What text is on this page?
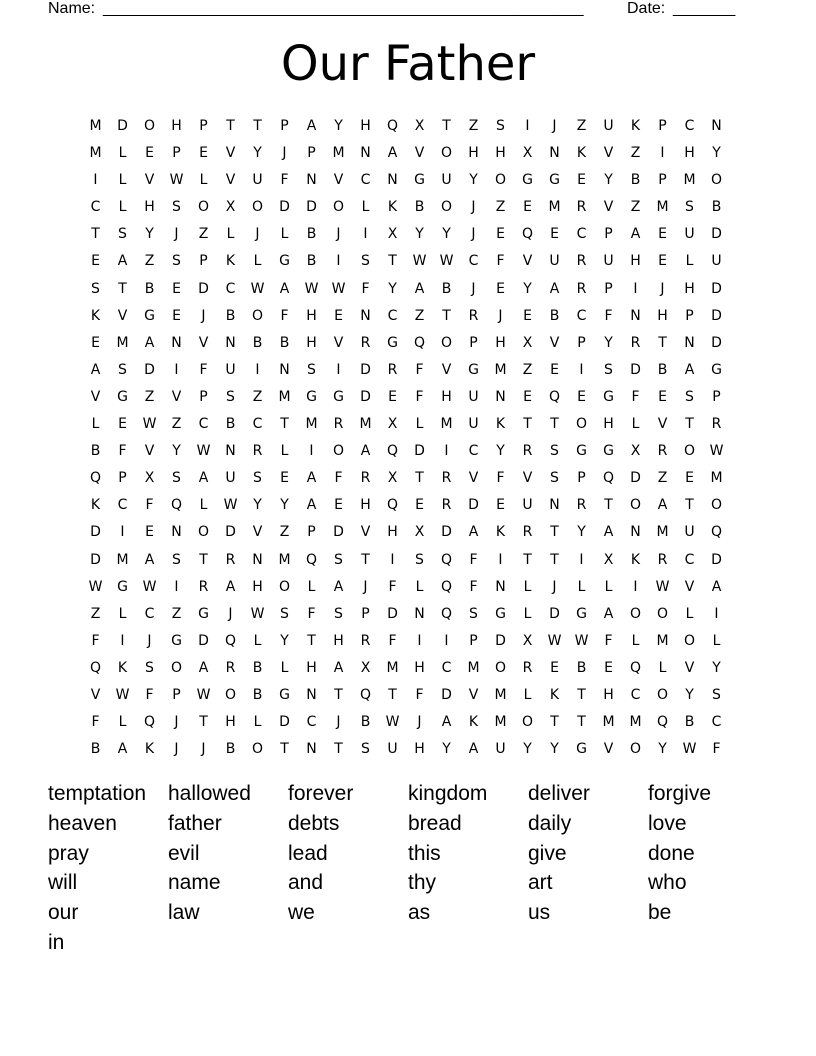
Name: ______________________________________________________	Date: _______
Our Father
M	D	O	H	P	T	T	P	A	Y	H	Q	X	T	Z	S	I	J	Z	U	K	P	C	N
M	L	E	P	E	V	Y	J	P	M	N	A	V	O	H	H	X	N	K	V	Z	I	H	Y
I	L	V	W	L	V	U	F	N	V	C	N	G	U	Y	O	G	G	E	Y	B	P	M	O
C	L	H	S	O	X	O	D	D	O	L	K	B	O	J	Z	E	M	R	V	Z	M	S	B
T	S	Y	J	Z	L	J	L	B	J	I	X	Y	Y	J	E	Q	E	C	P	A	E	U	D
E	A	Z	S	P	K	L	G	B	I	S	T	W W	C	F	V	U	R	U	H	E	L	U
S	T	B	E	D	C	W	A	W W	F	Y	A	B	J	E	Y	A	R	P	I	J	H	D
K	V	G	E	J	B	O	F	H	E	N	C	Z	T	R	J	E	B	C	F	N	H	P	D
E	M	A	N	V	N	B	B	H	V	R	G	Q	O	P	H	X	V	P	Y	R	T	N	D
A	S	D	I	F	U	I	N	S	I	D	R	F	V	G	M	Z	E	I	S	D	B	A	G
V	G	Z	V	P	S	Z	M	G	G	D	E	F	H	U	N	E	Q	E	G	F	E	S	P
L	E	W	Z	C	B	C	T	M	R	M	X	L	M	U	K	T	T	O	H	L	V	T	R
B	F	V	Y	W	N	R	L	I	O	A	Q	D	I	C	Y	R	S	G	G	X	R	O	W
Q	P	X	S	A	U	S	E	A	F	R	X	T	R	V	F	V	S	P	Q	D	Z	E	M
K	C	F	Q	L	W	Y	Y	A	E	H	Q	E	R	D	E	U	N	R	T	O	A	T	O
D	I	E	N	O	D	V	Z	P	D	V	H	X	D	A	K	R	T	Y	A	N	M	U	Q
D	M	A	S	T	R	N	M	Q	S	T	I	S	Q	F	I	T	T	I	X	K	R	C	D
W	G	W	I	R	A	H	O	L	A	J	F	L	Q	F	N	L	J	L	L	I	W	V	A
Z	L	C	Z	G	J	W	S	F	S	P	D	N	Q	S	G	L	D	G	A	O	O	L	I
F	I	J	G	D	Q	L	Y	T	H	R	F	I	I	P	D	X	W W	F	L	M	O	L
Q	K	S	O	A	R	B	L	H	A	X	M	H	C	M	O	R	E	B	E	Q	L	V	Y
V	W	F	P	W	O	B	G	N	T	Q	T	F	D	V	M	L	K	T	H	C	O	Y	S
F	L	Q	J	T	H	L	D	C	J	B	W	J	A	K	M	O	T	T	M	M	Q	B	C
B	A	K	J	J	B	O	T	N	T	S	U	H	Y	A	U	Y	Y	G	V	O	Y	W	F
temptation	hallowed	forever	kingdom	deliver	forgive
heaven	father	debts	bread	daily	love
pray	evil	lead	this	give	done
will	name	and	thy	art	who
our	law	we	as	us	be
in
